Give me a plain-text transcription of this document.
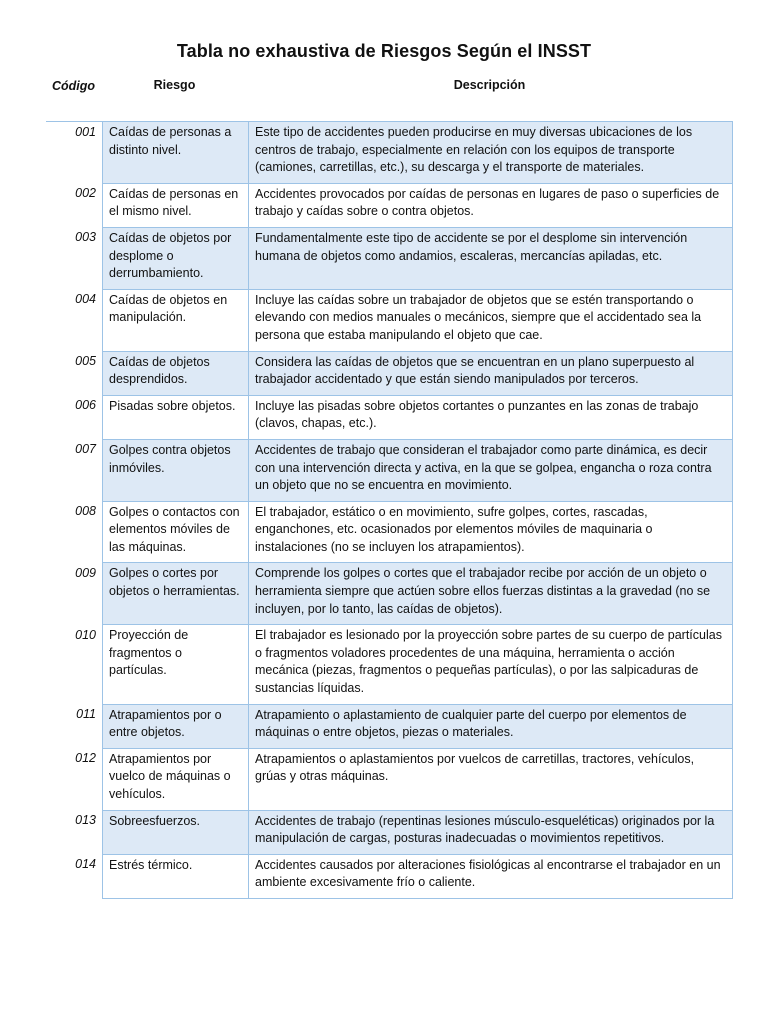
Tabla no exhaustiva de Riesgos Según el INSST
Código	Riesgo	Descripción
001	Caídas de personas a distinto nivel.	Este tipo de accidentes pueden producirse en muy diversas ubicaciones de los centros de trabajo, especialmente en relación con los equipos de transporte (camiones, carretillas, etc.), su descarga y el transporte de materiales.
002	Caídas de personas en el mismo nivel.	Accidentes provocados por caídas de personas en lugares de paso o superficies de trabajo y caídas sobre o contra objetos.
003	Caídas de objetos por desplome o derrumbamiento.	Fundamentalmente este tipo de accidente se por el desplome sin intervención humana de objetos como andamios, escaleras, mercancías apiladas, etc.
004	Caídas de objetos en manipulación.	Incluye las caídas sobre un trabajador de objetos que se estén transportando o elevando con medios manuales o mecánicos, siempre que el accidentado sea la persona que estaba manipulando el objeto que cae.
005	Caídas de objetos desprendidos.	Considera las caídas de objetos que se encuentran en un plano superpuesto al trabajador accidentado y que están siendo manipulados por terceros.
006	Pisadas sobre objetos.	Incluye las pisadas sobre objetos cortantes o punzantes en las zonas de trabajo (clavos, chapas, etc.).
007	Golpes contra objetos inmóviles.	Accidentes de trabajo que consideran el trabajador como parte dinámica, es decir con una intervención directa y activa, en la que se golpea, engancha o roza contra un objeto que no se encuentra en movimiento.
008	Golpes o contactos con elementos móviles de las máquinas.	El trabajador, estático o en movimiento, sufre golpes, cortes, rascadas, enganchones, etc. ocasionados por elementos móviles de maquinaria o instalaciones (no se incluyen los atrapamientos).
009	Golpes o cortes por objetos o herramientas.	Comprende los golpes o cortes que el trabajador recibe por acción de un objeto o herramienta siempre que actúen sobre ellos fuerzas distintas a la gravedad (no se incluyen, por lo tanto, las caídas de objetos).
010	Proyección de fragmentos o partículas.	El trabajador es lesionado por la proyección sobre partes de su cuerpo de partículas o fragmentos voladores procedentes de una máquina, herramienta o acción mecánica (piezas, fragmentos o pequeñas partículas), o por las salpicaduras de sustancias líquidas.
011	Atrapamientos por o entre objetos.	Atrapamiento o aplastamiento de cualquier parte del cuerpo por elementos de máquinas o entre objetos, piezas o materiales.
012	Atrapamientos por vuelco de máquinas o vehículos.	Atrapamientos o aplastamientos por vuelcos de carretillas, tractores, vehículos, grúas y otras máquinas.
013	Sobreesfuerzos.	Accidentes de trabajo (repentinas lesiones músculo-esqueléticas) originados por la manipulación de cargas, posturas inadecuadas o movimientos repetitivos.
014	Estrés térmico.	Accidentes causados por alteraciones fisiológicas al encontrarse el trabajador en un ambiente excesivamente frío o caliente.
